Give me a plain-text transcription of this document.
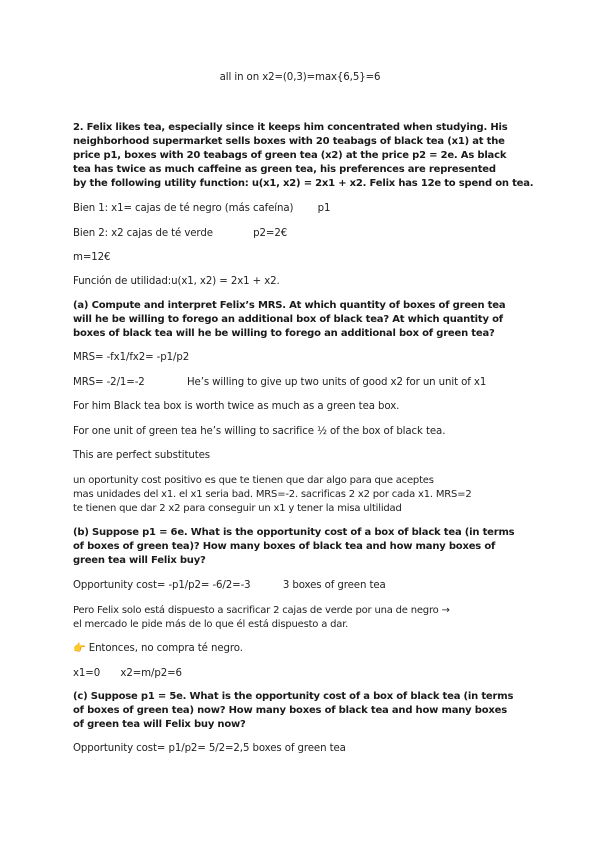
all in on x2=(0,3)=max{6,5}=6
2. Felix likes tea, especially since it keeps him concentrated when studying. His
neighborhood supermarket sells boxes with 20 teabags of black tea (x1) at the
price p1, boxes with 20 teabags of green tea (x2) at the price p2 = 2e. As black
tea has twice as much caffeine as green tea, his preferences are represented
by the following utility function: u(x1, x2) = 2x1 + x2. Felix has 12e to spend on tea.
Bien 1: x1= cajas de té negro (más cafeína) p1
Bien 2: x2 cajas de té verde	p2=2€
m=12€
Función de utilidad:u(x1, x2) = 2x1 + x2.
(a) Compute and interpret Felix’s MRS. At which quantity of boxes of green tea
will he be willing to forego an additional box of black tea? At which quantity of
boxes of black tea will he be willing to forego an additional box of green tea?
MRS= -fx1/fx2= -p1/p2
MRS= -2/1=-2	He’s willing to give up two units of good x2 for un unit of x1
For him Black tea box is worth twice as much as a green tea box.
For one unit of green tea he’s willing to sacrifice ½ of the box of black tea.
This are perfect substitutes
un oportunity cost positivo es que te tienen que dar algo para que aceptes
mas unidades del x1. el x1 seria bad. MRS=-2. sacrificas 2 x2 por cada x1. MRS=2
te tienen que dar 2 x2 para conseguir un x1 y tener la misa ultilidad
(b) Suppose p1 = 6e. What is the opportunity cost of a box of black tea (in terms
of boxes of green tea)? How many boxes of black tea and how many boxes of
green tea will Felix buy?
Opportunity cost= -p1/p2= -6/2=-3	3 boxes of green tea
Pero Felix solo está dispuesto a sacrificar 2 cajas de verde por una de negro →
el mercado le pide más de lo que él está dispuesto a dar.
👉 Entonces, no compra té negro.
x1=0 x2=m/p2=6
(c) Suppose p1 = 5e. What is the opportunity cost of a box of black tea (in terms
of boxes of green tea) now? How many boxes of black tea and how many boxes
of green tea will Felix buy now?
Opportunity cost= p1/p2= 5/2=2,5 boxes of green tea
